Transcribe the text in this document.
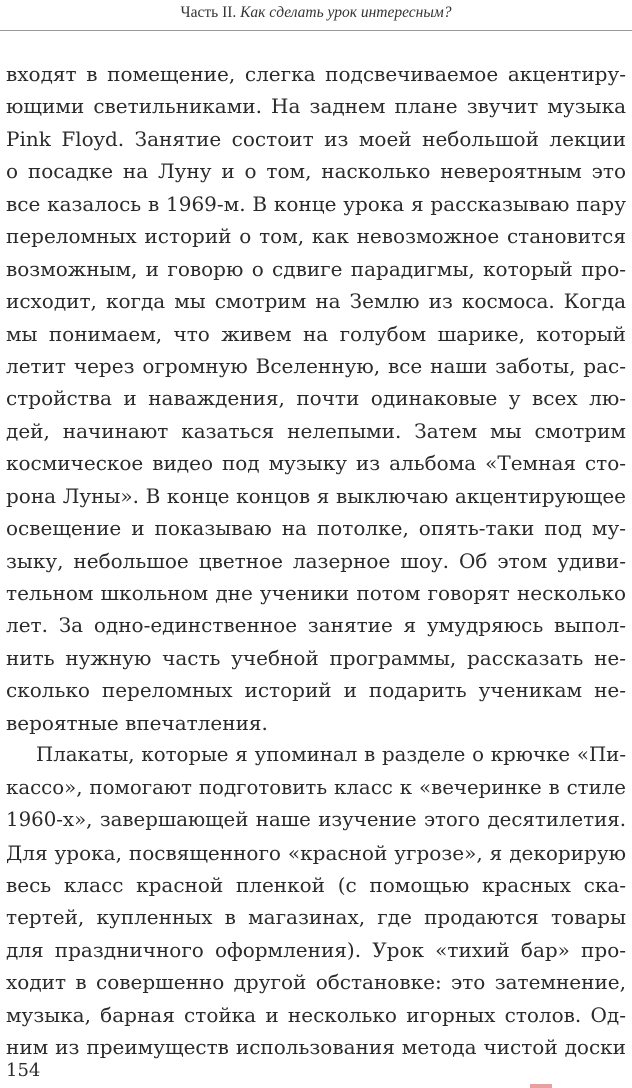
Часть II. Как сделать урок интересным?
входят в помещение, слегка подсвечиваемое акцентиру-
ющими светильниками. На заднем плане звучит музыка
Pink Floyd. Занятие состоит из моей небольшой лекции
о посадке на Луну и о том, насколько невероятным это
все казалось в 1969-м. В конце урока я рассказываю пару
переломных историй о том, как невозможное становится
возможным, и говорю о сдвиге парадигмы, который про-
исходит, когда мы смотрим на Землю из космоса. Когда
мы понимаем, что живем на голубом шарике, который
летит через огромную Вселенную, все наши заботы, рас-
стройства и наваждения, почти одинаковые у всех лю-
дей, начинают казаться нелепыми. Затем мы смотрим
космическое видео под музыку из альбома «Темная сто-
рона Луны». В конце концов я выключаю акцентирующее
освещение и показываю на потолке, опять-таки под му-
зыку, небольшое цветное лазерное шоу. Об этом удиви-
тельном школьном дне ученики потом говорят несколько
лет. За одно-единственное занятие я умудряюсь выпол-
нить нужную часть учебной программы, рассказать не-
сколько переломных историй и подарить ученикам не-
вероятные впечатления.
Плакаты, которые я упоминал в разделе о крючке «Пи-
кассо», помогают подготовить класс к «вечеринке в стиле
1960-х», завершающей наше изучение этого десятилетия.
Для урока, посвященного «красной угрозе», я декорирую
весь класс красной пленкой (с помощью красных ска-
тертей, купленных в магазинах, где продаются товары
для праздничного оформления). Урок «тихий бар» про-
ходит в совершенно другой обстановке: это затемнение,
музыка, барная стойка и несколько игорных столов. Од-
ним из преимуществ использования метода чистой доски
154
